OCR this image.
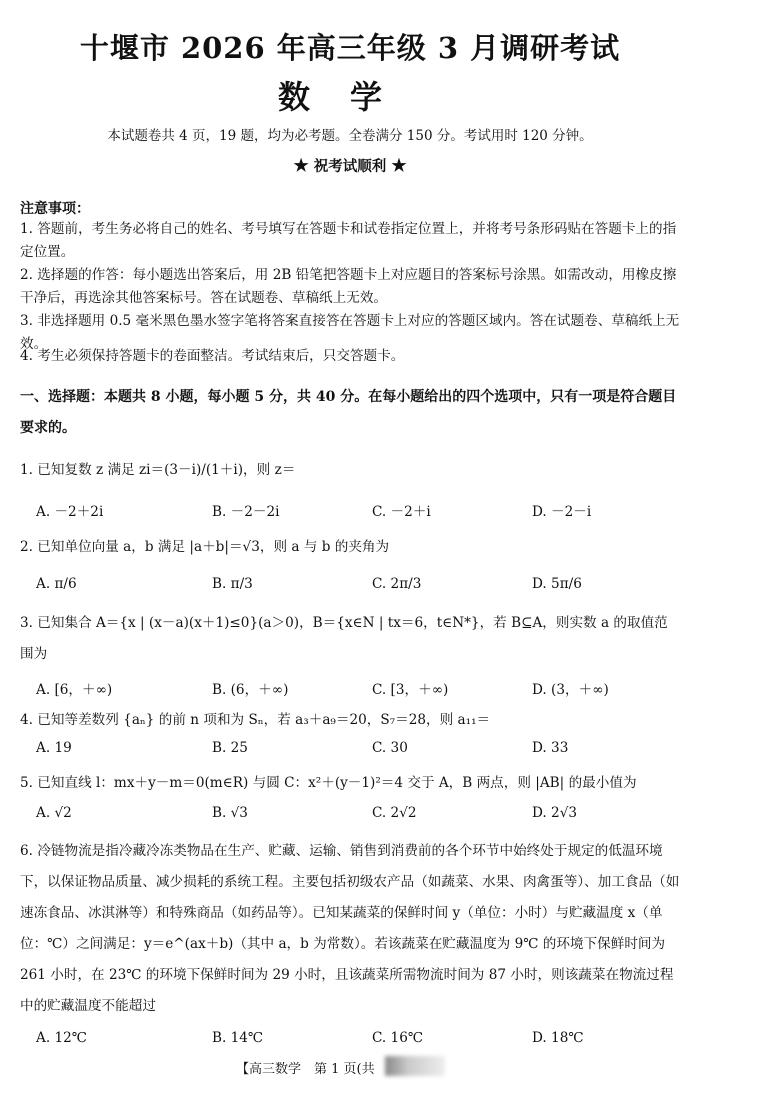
十堰市 2026 年高三年级 3 月调研考试
数学
本试题卷共 4 页，19 题，均为必考题。全卷满分 150 分。考试用时 120 分钟。
★ 祝考试顺利 ★
注意事项：
1. 答题前，考生务必将自己的姓名、考号填写在答题卡和试卷指定位置上，并将考号条形码贴在答题卡上的指定位置。
2. 选择题的作答：每小题选出答案后，用 2B 铅笔把答题卡上对应题目的答案标号涂黑。如需改动，用橡皮擦干净后，再选涂其他答案标号。答在试题卷、草稿纸上无效。
3. 非选择题用 0.5 毫米黑色墨水签字笔将答案直接答在答题卡上对应的答题区域内。答在试题卷、草稿纸上无效。
4. 考生必须保持答题卡的卷面整洁。考试结束后，只交答题卡。
一、选择题：本题共 8 小题，每小题 5 分，共 40 分。在每小题给出的四个选项中，只有一项是符合题目要求的。
1. 已知复数 z 满足 zi＝(3－i)/(1＋i)，则 z＝
A. －2＋2i	B. －2－2i	C. －2＋i	D. －2－i
2. 已知单位向量 a，b 满足 |a＋b|＝√3，则 a 与 b 的夹角为
A. π/6	B. π/3	C. 2π/3	D. 5π/6
3. 已知集合 A＝{x | (x－a)(x＋1)≤0}(a＞0)，B＝{x∈N | tx＝6，t∈N*}，若 B⊆A，则实数 a 的取值范围为
A. [6，＋∞)	B. (6，＋∞)	C. [3，＋∞)	D. (3，＋∞)
4. 已知等差数列 {aₙ} 的前 n 项和为 Sₙ，若 a₃＋a₉＝20，S₇＝28，则 a₁₁＝
A. 19	B. 25	C. 30	D. 33
5. 已知直线 l：mx＋y－m＝0(m∈R) 与圆 C：x²＋(y－1)²＝4 交于 A，B 两点，则 |AB| 的最小值为
A. √2	B. √3	C. 2√2	D. 2√3
6. 冷链物流是指冷藏冷冻类物品在生产、贮藏、运输、销售到消费前的各个环节中始终处于规定的低温环境下，以保证物品质量、减少损耗的系统工程。主要包括初级农产品（如蔬菜、水果、肉禽蛋等）、加工食品（如速冻食品、冰淇淋等）和特殊商品（如药品等）。已知某蔬菜的保鲜时间 y（单位：小时）与贮藏温度 x（单位：℃）之间满足：y＝e^(ax＋b)（其中 a，b 为常数）。若该蔬菜在贮藏温度为 9℃ 的环境下保鲜时间为 261 小时，在 23℃ 的环境下保鲜时间为 29 小时，且该蔬菜所需物流时间为 87 小时，则该蔬菜在物流过程中的贮藏温度不能超过
A. 12℃	B. 14℃	C. 16℃	D. 18℃
【高三数学　第 1 页(共
